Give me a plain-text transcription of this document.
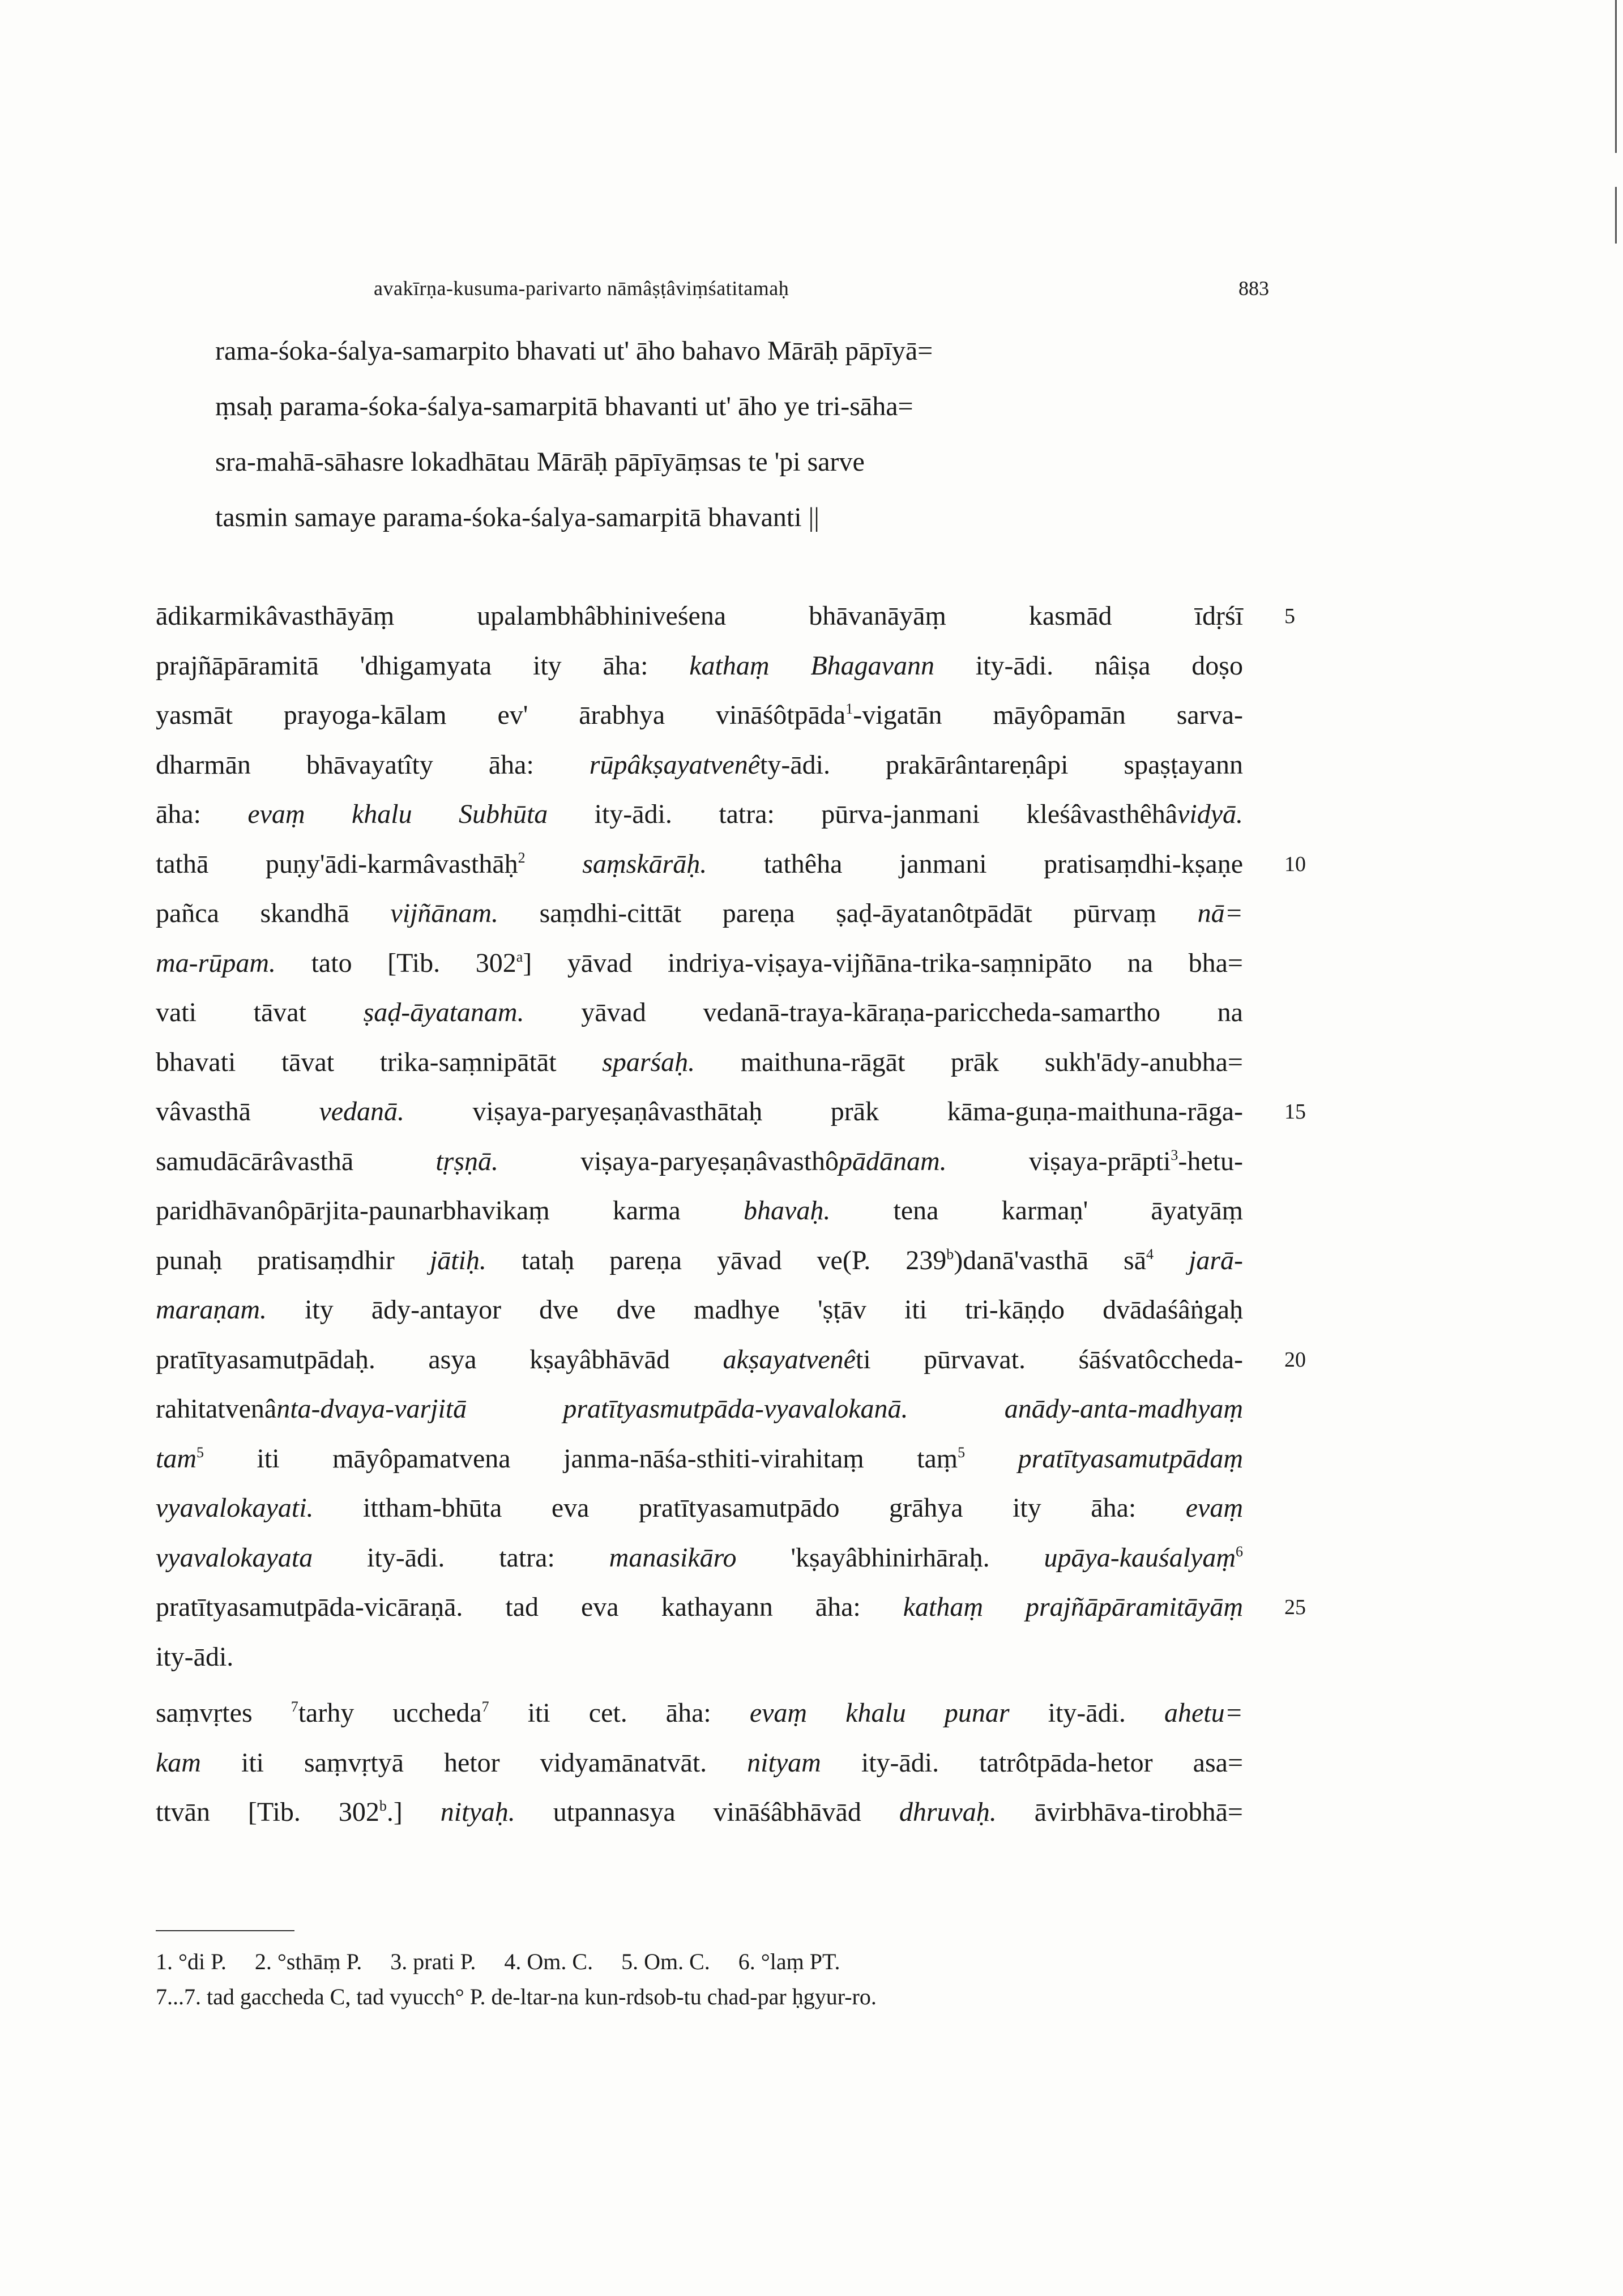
avakīrṇa-kusuma-parivarto nāmâṣṭâviṃśatitamaḥ	883
rama-śoka-śalya-samarpito bhavati ut' āho bahavo Mārāḥ pāpīyā=
ṃsaḥ parama-śoka-śalya-samarpitā bhavanti ut' āho ye tri-sāha=
sra-mahā-sāhasre lokadhātau Mārāḥ pāpīyāṃsas te 'pi sarve
tasmin samaye parama-śoka-śalya-samarpitā bhavanti ||
ādikarmikâvasthāyāṃ upalambhâbhiniveśena bhāvanāyāṃ kasmād īdṛśī 5
prajñāpāramitā 'dhigamyata ity āha: kathaṃ Bhagavann ity-ādi. nâiṣa doṣo
yasmāt prayoga-kālam ev' ārabhya vināśôtpāda$^1$-vigatān māyôpamān sarva-
dharmān bhāvayatîty āha: rūpâkṣayatvenêty-ādi. prakārântareṇâpi spaṣṭayann
āha: evaṃ khalu Subhūta ity-ādi. tatra: pūrva-janmani kleśâvasthêhâvidyā.
tathā puṇy'ādi-karmâvasthāḥ$^2$ saṃskārāḥ. tathêha janmani pratisaṃdhi-kṣaṇe 10
pañca skandhā vijñānam. saṃdhi-cittāt pareṇa ṣaḍ-āyatanôtpādāt pūrvaṃ nā=
ma-rūpam. tato [Tib. 302$^a$] yāvad indriya-viṣaya-vijñāna-trika-saṃnipāto na bha=
vati tāvat ṣaḍ-āyatanam. yāvad vedanā-traya-kāraṇa-pariccheda-samartho na
bhavati tāvat trika-saṃnipātāt sparśaḥ. maithuna-rāgāt prāk sukh'ādy-anubha=
vâvasthā vedanā. viṣaya-paryeṣaṇâvasthātaḥ prāk kāma-guṇa-maithuna-rāga- 15
samudācārâvasthā tṛṣṇā. viṣaya-paryeṣaṇâvasthôpādānam. viṣaya-prāpti$^3$-hetu-
paridhāvanôpārjita-paunarbhavikaṃ karma bhavaḥ. tena karmaṇ' āyatyāṃ
punaḥ pratisaṃdhir jātiḥ. tataḥ pareṇa yāvad ve(P. 239$^b$)danā'vasthā $sā^4$ jarā-
maraṇam. ity ādy-antayor dve dve madhye 'ṣṭāv iti tri-kāṇḍo dvādaśâṅgaḥ
pratītyasamutpādaḥ. asya kṣayâbhāvād akṣayatvenêti pūrvavat. śāśvatôccheda- 20
rahitatvenânta-dvaya-varjitā pratītyasmutpāda-vyavalokanā. anādy-anta-madhyaṃ
tam$^5$ iti māyôpamatvena janma-nāśa-sthiti-virahitaṃ taṃ$^5$ pratītyasamutpādaṃ
vyavalokayati. ittham-bhūta eva pratītyasamutpādo grāhya ity āha: evaṃ
vyavalokayata ity-ādi. tatra: manasikāro 'kṣayâbhinirhāraḥ. upāya-kauśalyaṃ$^6$
pratītyasamutpāda-vicāraṇā. tad eva kathayann āha: kathaṃ prajñāpāramitāyāṃ 25
ity-ādi.
saṃvṛtes $^7$tarhy uccheda$^7$ iti cet. āha: evaṃ khalu punar ity-ādi. ahetu=
kam iti saṃvṛtyā hetor vidyamānatvāt. nityam ity-ādi. tatrôtpāda-hetor asa=
ttvān [Tib. 302$^b$.] nityaḥ. utpannasya vināśâbhāvād dhruvaḥ. āvirbhāva-tirobhā=
1. °di P.     2. °sthāṃ P.     3. prati P.     4. Om. C.     5. Om. C.     6. °laṃ PT.
7...7. tad gaccheda C, tad vyucch° P. de-ltar-na kun-rdsob-tu chad-par ḥgyur-ro.
